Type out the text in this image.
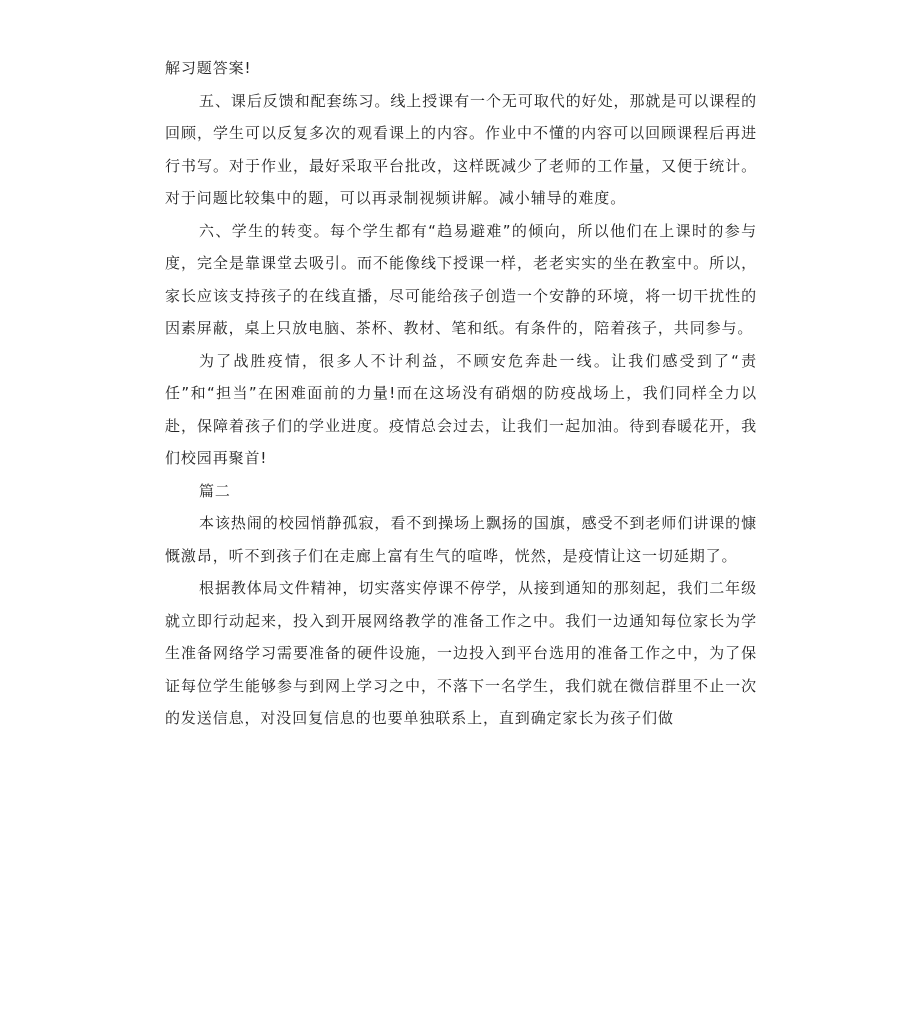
解习题答案!

五、课后反馈和配套练习。线上授课有一个无可取代的好处，那就是可以课程的回顾，学生可以反复多次的观看课上的内容。作业中不懂的内容可以回顾课程后再进行书写。对于作业，最好采取平台批改，这样既减少了老师的工作量，又便于统计。对于问题比较集中的题，可以再录制视频讲解。减小辅导的难度。

六、学生的转变。每个学生都有“趋易避难”的倾向，所以他们在上课时的参与度，完全是靠课堂去吸引。而不能像线下授课一样，老老实实的坐在教室中。所以，家长应该支持孩子的在线直播，尽可能给孩子创造一个安静的环境，将一切干扰性的因素屏蔽，桌上只放电脑、茶杯、教材、笔和纸。有条件的，陪着孩子，共同参与。

为了战胜疫情，很多人不计利益，不顾安危奔赴一线。让我们感受到了“责任”和“担当”在困难面前的力量!而在这场没有硝烟的防疫战场上，我们同样全力以赴，保障着孩子们的学业进度。疫情总会过去，让我们一起加油。待到春暖花开，我们校园再聚首!

篇二

本该热闹的校园悄静孤寂，看不到操场上飘扬的国旗，感受不到老师们讲课的慷慨激昂，听不到孩子们在走廊上富有生气的喧哗，恍然，是疫情让这一切延期了。

根据教体局文件精神，切实落实停课不停学，从接到通知的那刻起，我们二年级就立即行动起来，投入到开展网络教学的准备工作之中。我们一边通知每位家长为学生准备网络学习需要准备的硬件设施，一边投入到平台选用的准备工作之中，为了保证每位学生能够参与到网上学习之中，不落下一名学生，我们就在微信群里不止一次的发送信息，对没回复信息的也要单独联系上，直到确定家长为孩子们做
